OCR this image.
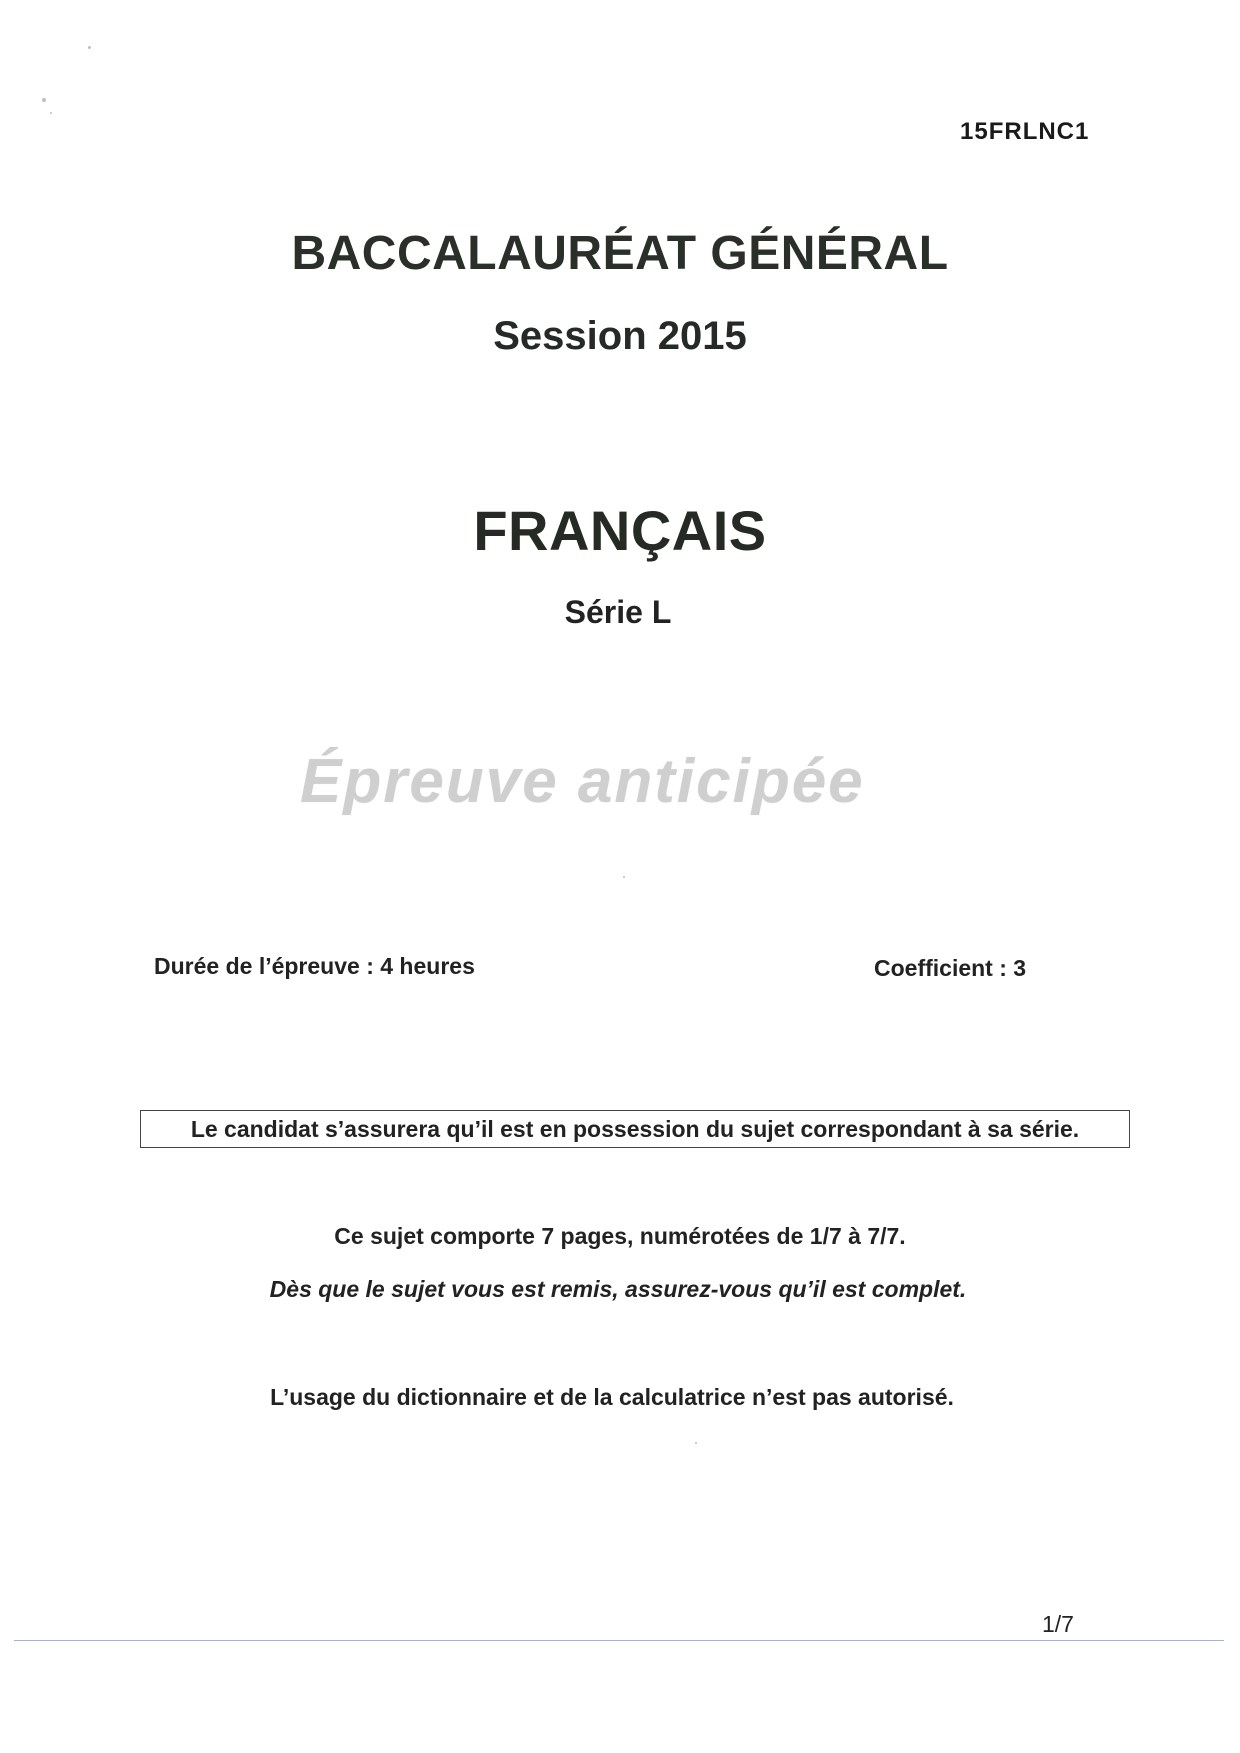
15FRLNC1
BACCALAURÉAT GÉNÉRAL
Session 2015
FRANÇAIS
Série L
Épreuve anticipée
Durée de l’épreuve : 4 heures	Coefficient : 3
Le candidat s’assurera qu’il est en possession du sujet correspondant à sa série.
Ce sujet comporte 7 pages, numérotées de 1/7 à 7/7.
Dès que le sujet vous est remis, assurez-vous qu’il est complet.
L’usage du dictionnaire et de la calculatrice n’est pas autorisé.
1/7
